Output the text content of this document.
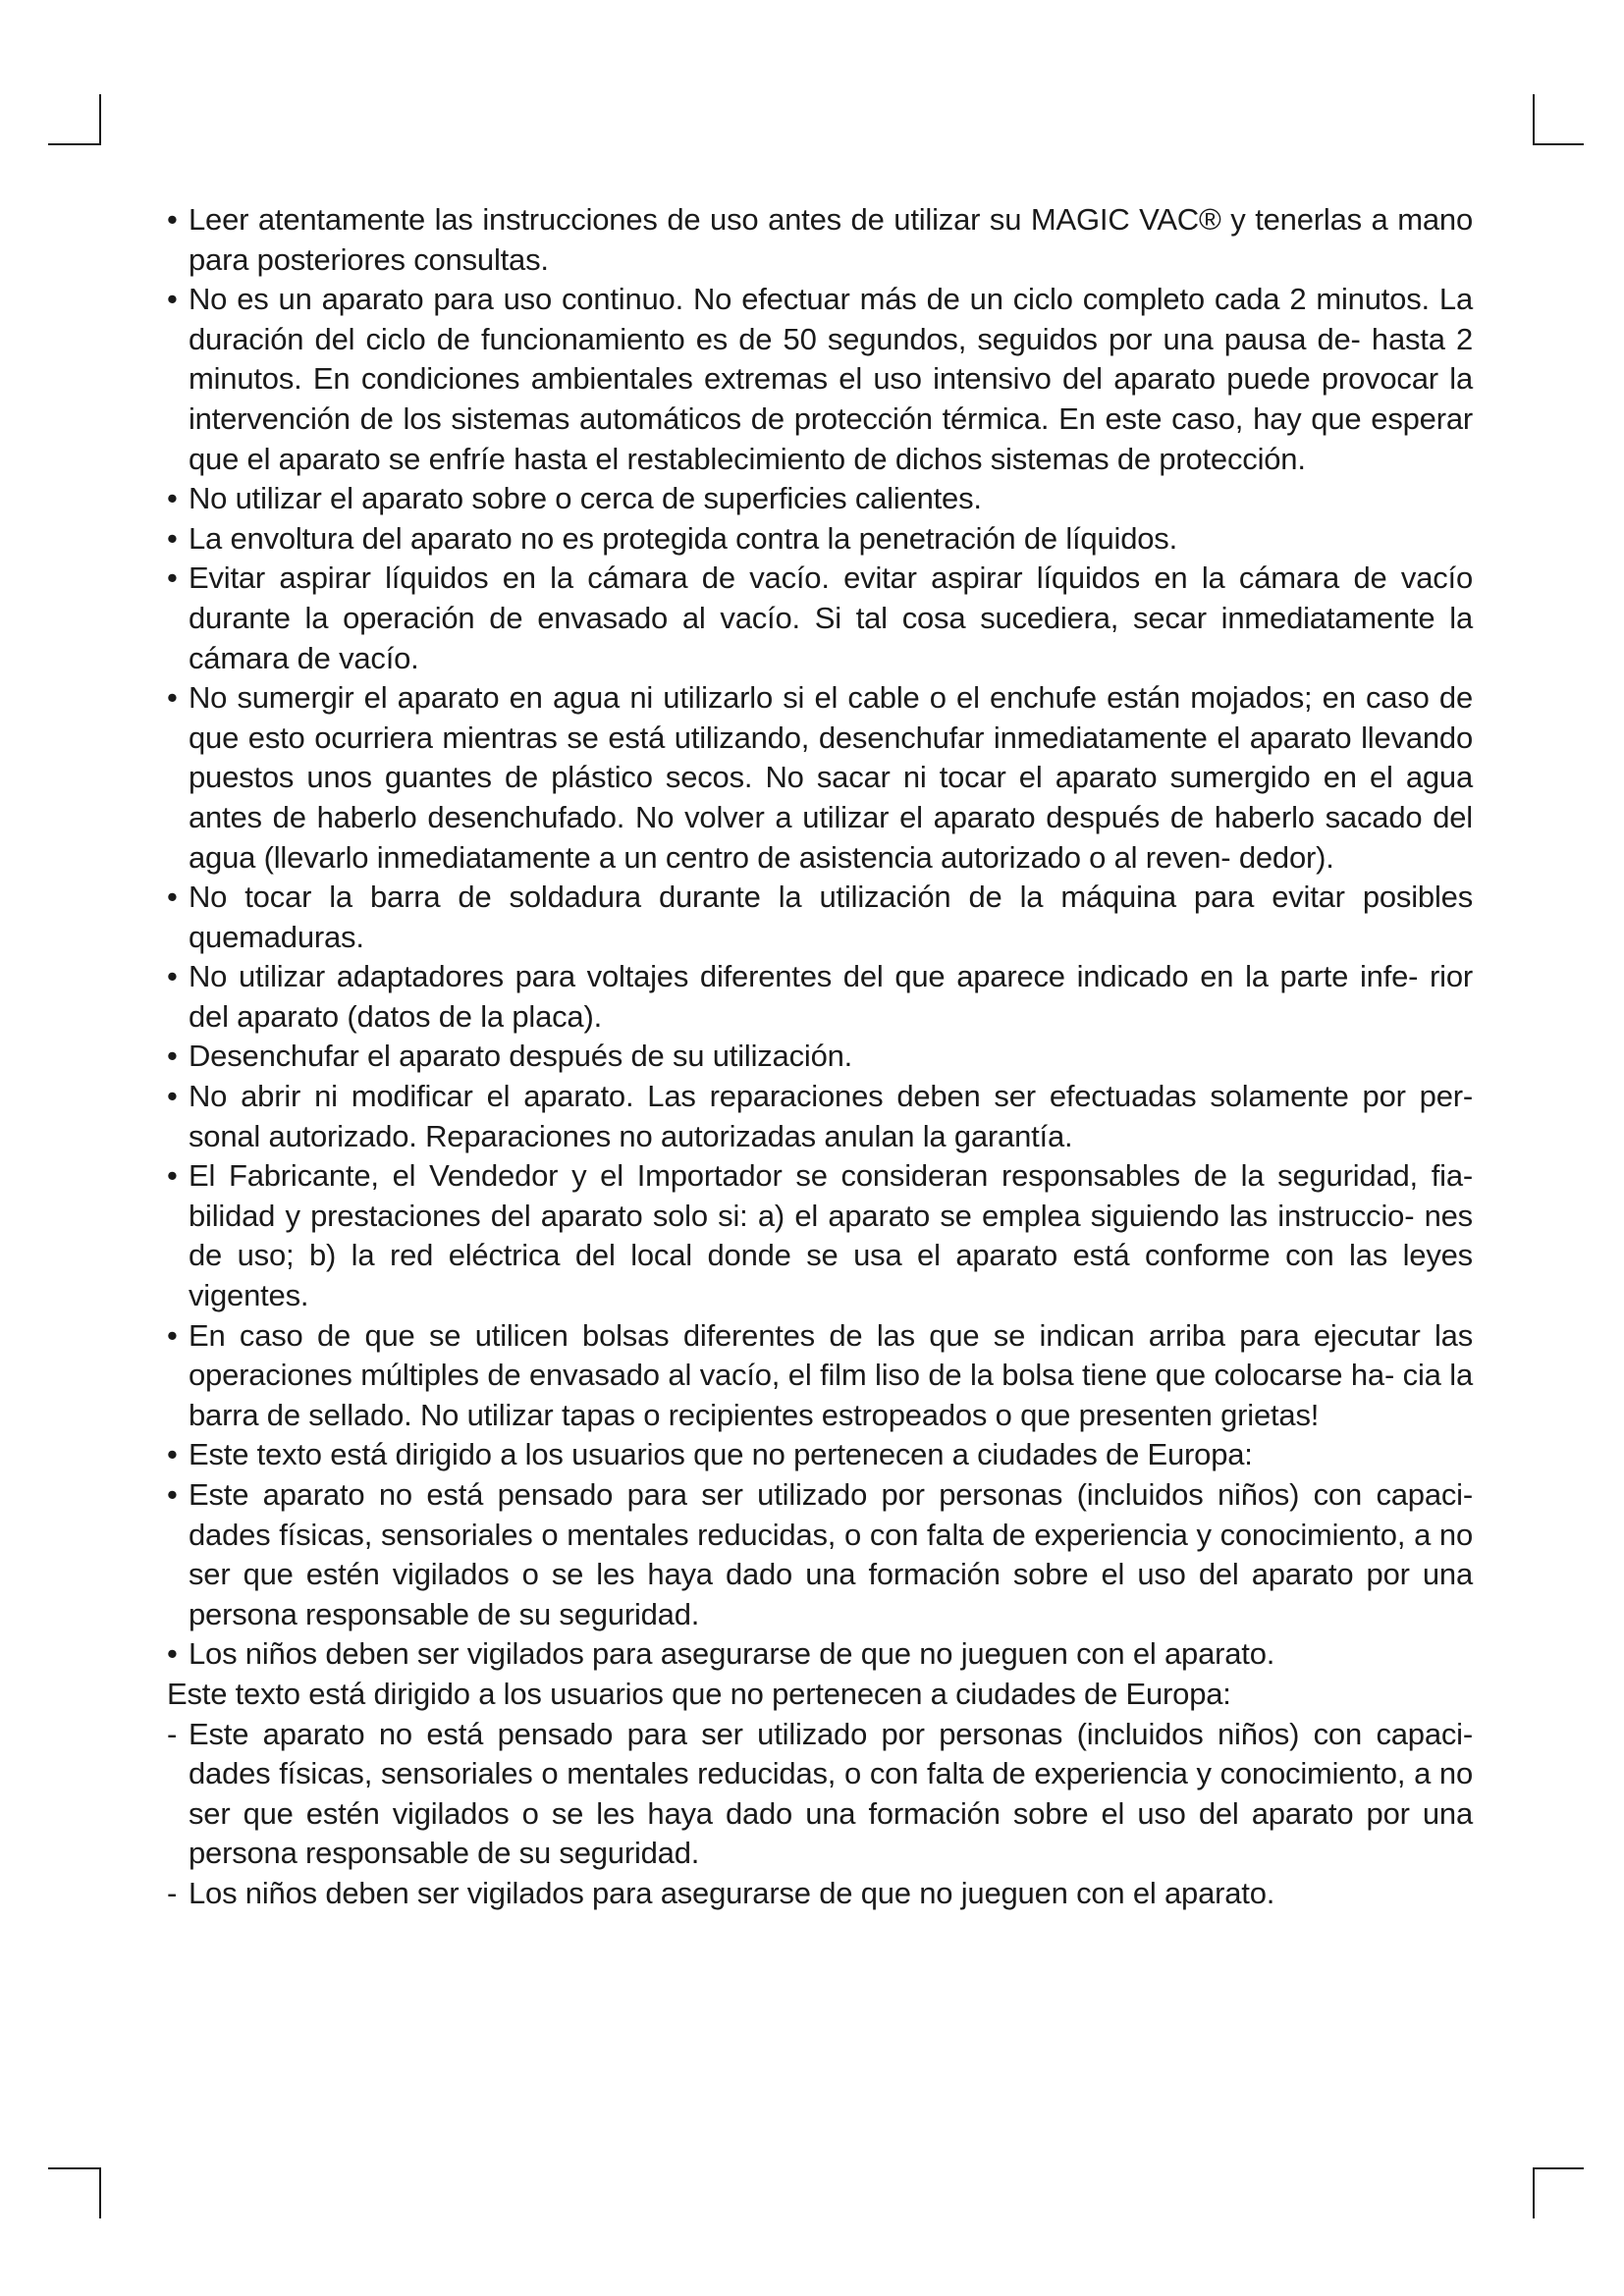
• Leer atentamente las instrucciones de uso antes de utilizar su MAGIC VAC® y tenerlas a mano para posteriores consultas.
• No es un aparato para uso continuo. No efectuar más de un ciclo completo cada 2 minutos. La duración del ciclo de funcionamiento es de 50 segundos, seguidos por una pausa de- hasta 2 minutos. En condiciones ambientales extremas el uso intensivo del aparato puede provocar la intervención de los sistemas automáticos de protección térmica. En este caso, hay que esperar que el aparato se enfríe hasta el restablecimiento de dichos sistemas de protección.
• No utilizar el aparato sobre o cerca de superficies calientes.
• La envoltura del aparato no es protegida contra la penetración de líquidos.
• Evitar aspirar líquidos en la cámara de vacío. evitar aspirar líquidos en la cámara de vacío durante la operación de envasado al vacío. Si tal cosa sucediera, secar inmediatamente la cámara de vacío.
• No sumergir el aparato en agua ni utilizarlo si el cable o el enchufe están mojados; en caso de que esto ocurriera mientras se está utilizando, desenchufar inmediatamente el aparato llevando puestos unos guantes de plástico secos. No sacar ni tocar el aparato sumergido en el agua antes de haberlo desenchufado. No volver a utilizar el aparato después de haberlo sacado del agua (llevarlo inmediatamente a un centro de asistencia autorizado o al reven- dedor).
• No tocar la barra de soldadura durante la utilización de la máquina para evitar posibles quemaduras.
• No utilizar adaptadores para voltajes diferentes del que aparece indicado en la parte infe- rior del aparato (datos de la placa).
• Desenchufar el aparato después de su utilización.
• No abrir ni modificar el aparato. Las reparaciones deben ser efectuadas solamente por per- sonal autorizado. Reparaciones no autorizadas anulan la garantía.
• El Fabricante, el Vendedor y el Importador se consideran responsables de la seguridad, fia- bilidad y prestaciones del aparato solo si: a) el aparato se emplea siguiendo las instruccio- nes de uso; b) la red eléctrica del local donde se usa el aparato está conforme con las leyes vigentes.
• En caso de que se utilicen bolsas diferentes de las que se indican arriba para ejecutar las operaciones múltiples de envasado al vacío, el film liso de la bolsa tiene que colocarse ha- cia la barra de sellado. No utilizar tapas o recipientes estropeados o que presenten grietas!
• Este texto está dirigido a los usuarios que no pertenecen a ciudades de Europa:
• Este aparato no está pensado para ser utilizado por personas (incluidos niños) con capaci- dades físicas, sensoriales o mentales reducidas, o con falta de experiencia y conocimiento, a no ser que estén vigilados o se les haya dado una formación sobre el uso del aparato por una persona responsable de su seguridad.
• Los niños deben ser vigilados para asegurarse de que no jueguen con el aparato.
Este texto está dirigido a los usuarios que no pertenecen a ciudades de Europa:
- Este aparato no está pensado para ser utilizado por personas (incluidos niños) con capaci- dades físicas, sensoriales o mentales reducidas, o con falta de experiencia y conocimiento, a no ser que estén vigilados o se les haya dado una formación sobre el uso del aparato por una persona responsable de su seguridad.
- Los niños deben ser vigilados para asegurarse de que no jueguen con el aparato.
